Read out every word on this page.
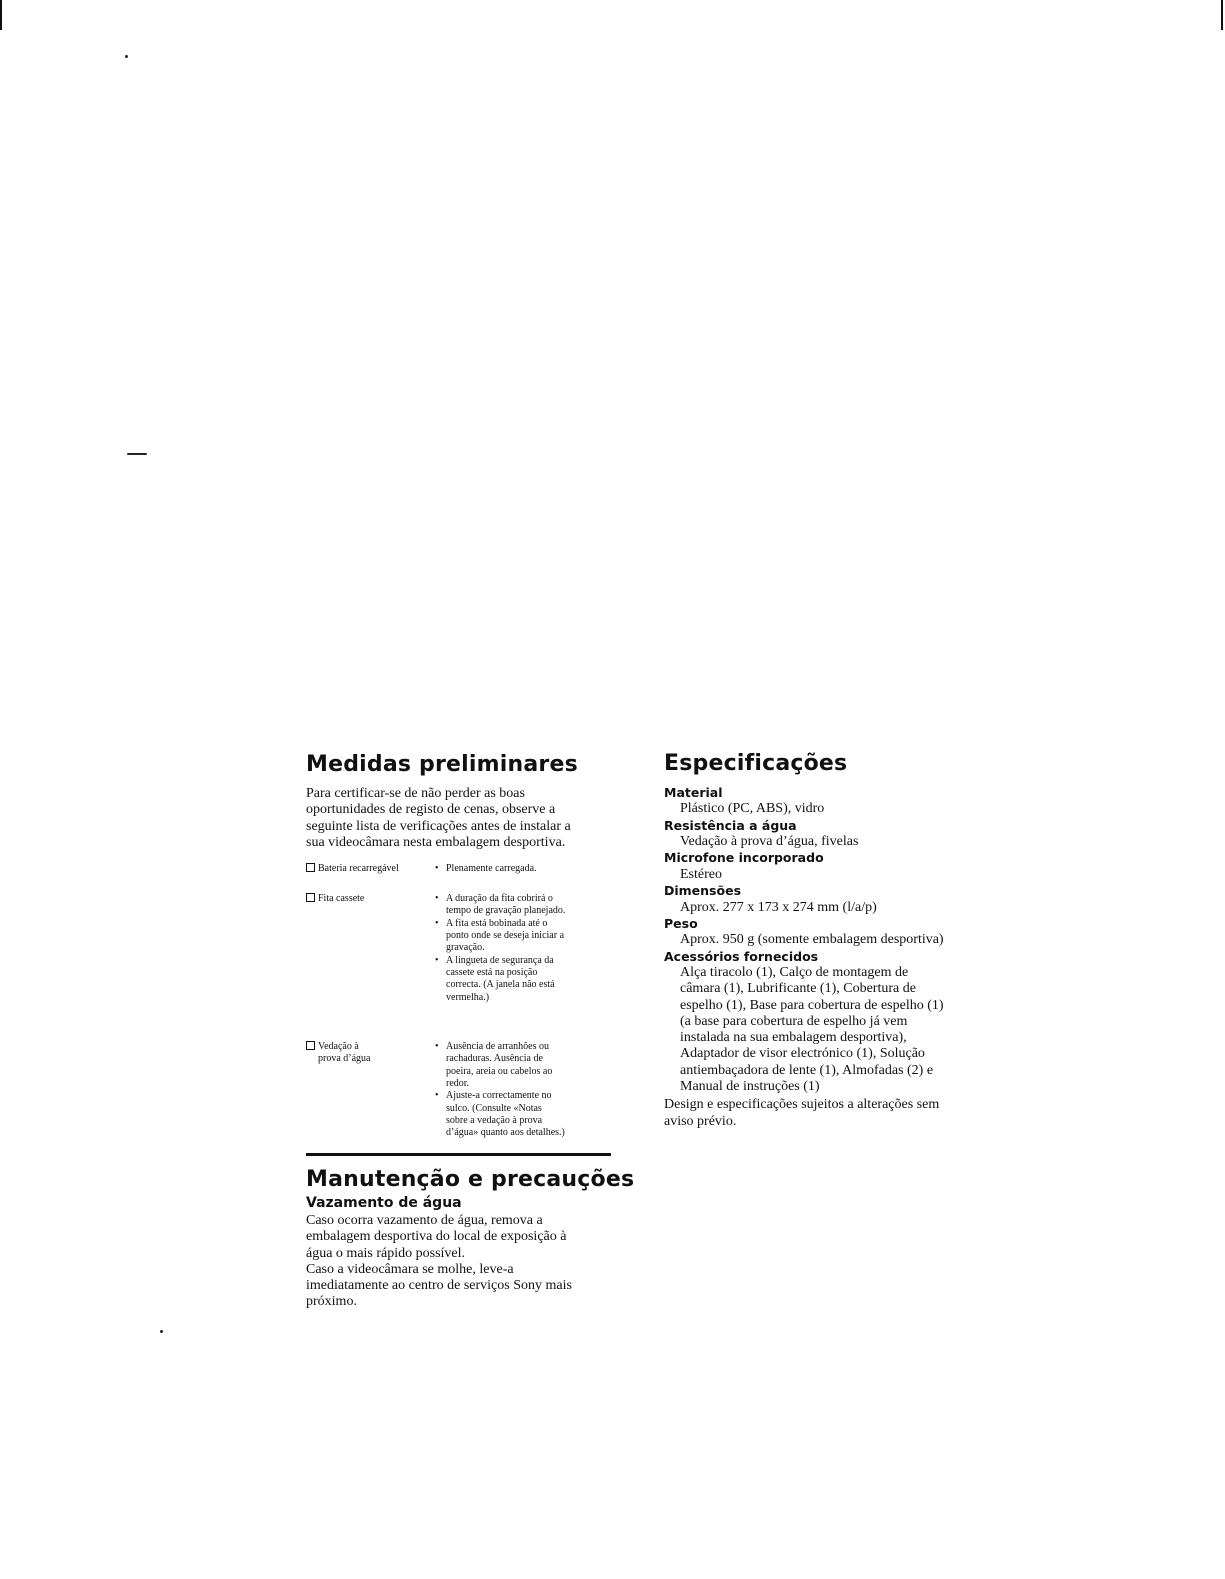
Medidas preliminares

Para certificar-se de não perder as boas

oportunidades de registo de cenas, observe a

seguinte lista de verificações antes de instalar a

sua videocâmara nesta embalagem desportiva.

Bateria recarregável	• Plenamente carregada.
Fita cassete	• A duração da fita cobrirá o
tempo de gravação planejado.
• A fita está bobinada até o
ponto onde se deseja iniciar a
gravação.
• A lingueta de segurança da
cassete está na posição
correcta. (A janela não está
vermelha.)
Vedação à
prova d’água
• Ausência de arranhões ou
rachaduras. Ausência de
poeira, areia ou cabelos ao
redor.
• Ajuste-a correctamente no
sulco. (Consulte «Notas
sobre a vedação à prova
d’água» quanto aos detalhes.)
Manutenção e precauções
Vazamento de água

Caso ocorra vazamento de água, remova a

embalagem desportiva do local de exposição à

água o mais rápido possível.

Caso a videocâmara se molhe, leve-a

imediatamente ao centro de serviços Sony mais

próximo.

Especificações

Material

Plástico (PC, ABS), vidro

Resistência a água

Vedação à prova d’água, fivelas

Microfone incorporado

Estéreo

Dimensões

Aprox. 277 x 173 x 274 mm (l/a/p)

Peso

Aprox. 950 g (somente embalagem desportiva)

Acessórios fornecidos

Alça tiracolo (1), Calço de montagem de

câmara (1), Lubrificante (1), Cobertura de

espelho (1), Base para cobertura de espelho (1)

(a base para cobertura de espelho já vem

instalada na sua embalagem desportiva),

Adaptador de visor electrónico (1), Solução

antiembaçadora de lente (1), Almofadas (2) e

Manual de instruções (1)

Design e especificações sujeitos a alterações sem

aviso prévio.
